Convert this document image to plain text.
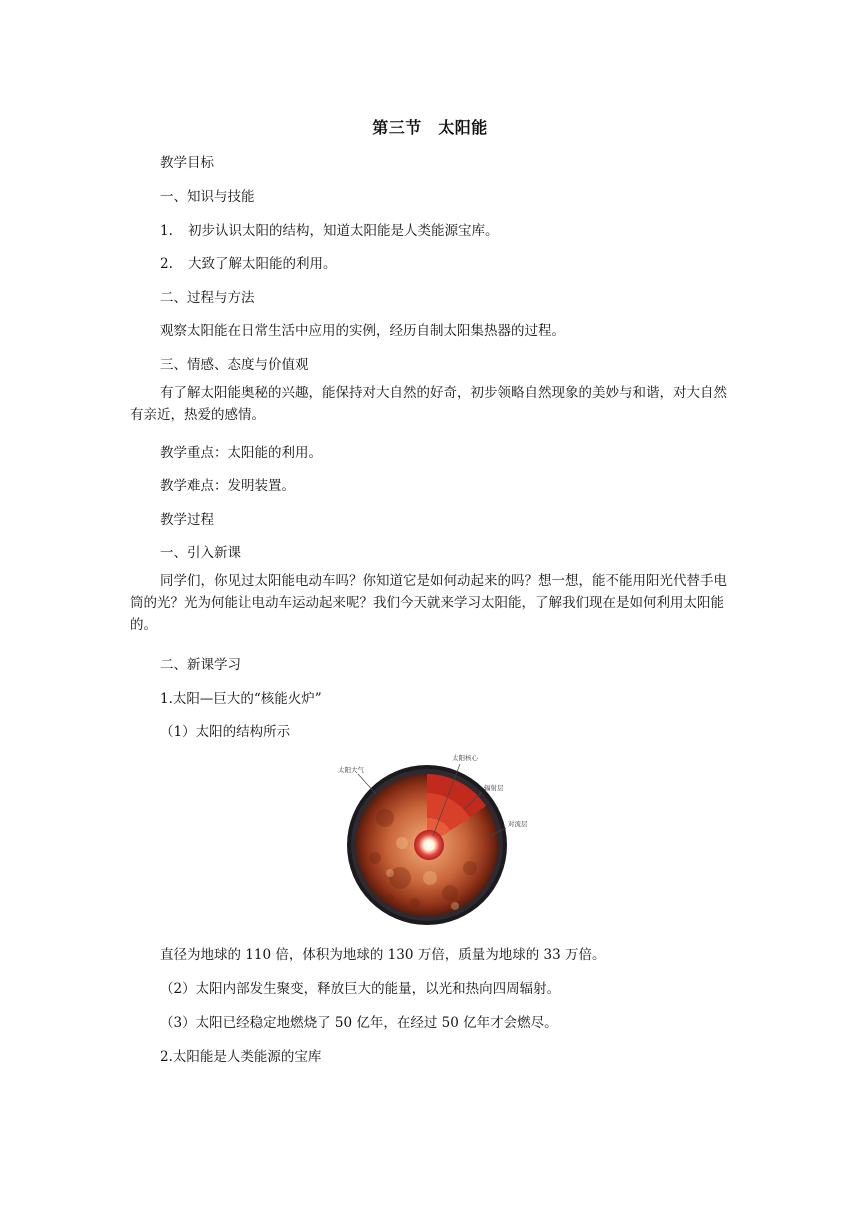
第三节　太阳能
教学目标
一、知识与技能
1. 初步认识太阳的结构，知道太阳能是人类能源宝库。
2. 大致了解太阳能的利用。
二、过程与方法
观察太阳能在日常生活中应用的实例，经历自制太阳集热器的过程。
三、情感、态度与价值观
有了解太阳能奥秘的兴趣，能保持对大自然的好奇，初步领略自然现象的美妙与和谐，对大自然有亲近，热爱的感情。
教学重点：太阳能的利用。
教学难点：发明装置。
教学过程
一、引入新课
同学们，你见过太阳能电动车吗？你知道它是如何动起来的吗？想一想，能不能用阳光代替手电筒的光？光为何能让电动车运动起来呢？我们今天就来学习太阳能，了解我们现在是如何利用太阳能的。
二、新课学习
1.太阳—巨大的“核能火炉”
（1）太阳的结构所示
太阳大气
太阳核心
辐射层
对流层
直径为地球的 110 倍，体积为地球的 130 万倍，质量为地球的 33 万倍。
（2）太阳内部发生聚变，释放巨大的能量，以光和热向四周辐射。
（3）太阳已经稳定地燃烧了 50 亿年，在经过 50 亿年才会燃尽。
2.太阳能是人类能源的宝库
